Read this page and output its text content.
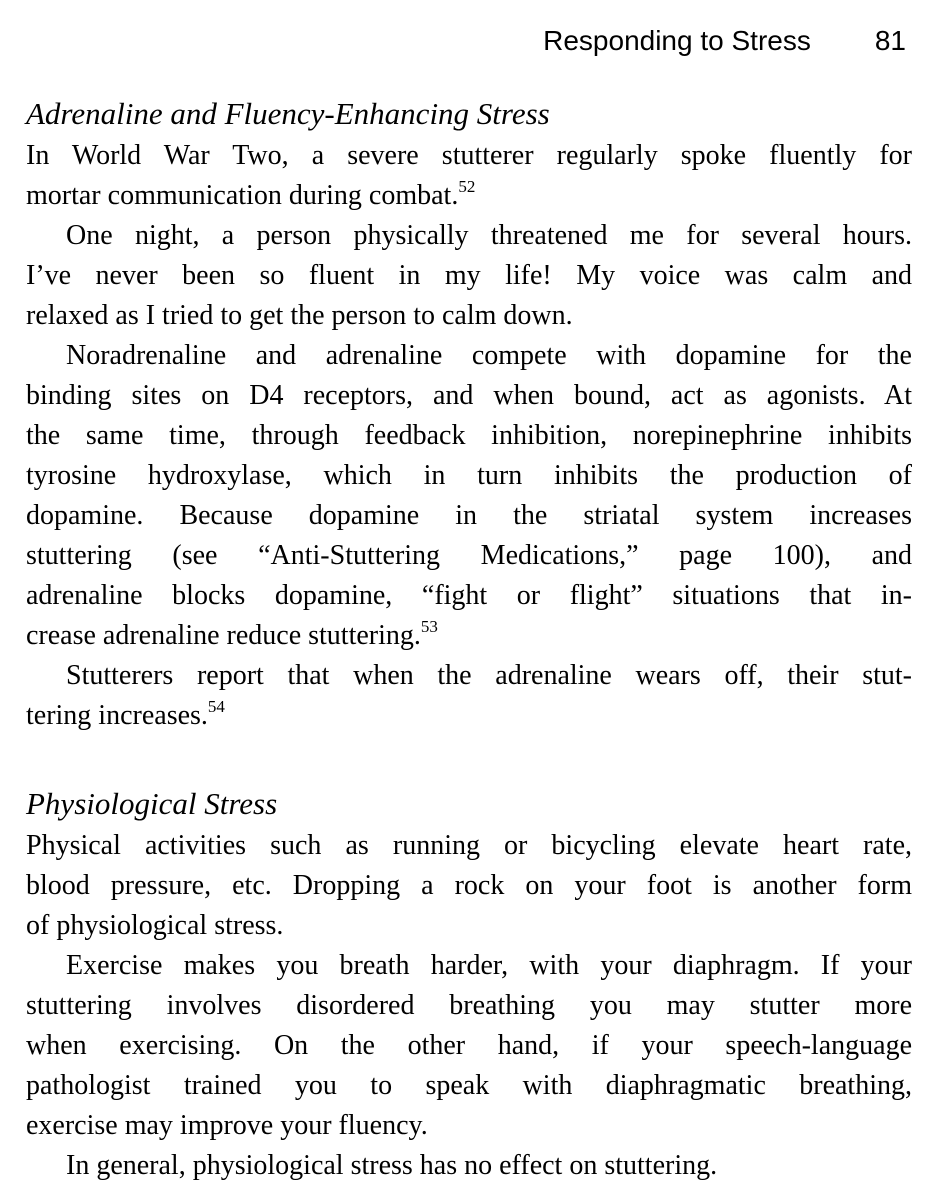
Responding to Stress 81
Adrenaline and Fluency-Enhancing Stress

In World War Two, a severe stutterer regularly spoke fluently for
mortar communication during combat.$^{52}$

One night, a person physically threatened me for several hours.
I’ve never been so fluent in my life! My voice was calm and
relaxed as I tried to get the person to calm down.

Noradrenaline and adrenaline compete with dopamine for the
binding sites on D4 receptors, and when bound, act as agonists. At
the same time, through feedback inhibition, norepinephrine inhibits
tyrosine hydroxylase, which in turn inhibits the production of
dopamine. Because dopamine in the striatal system increases
stuttering (see “Anti-Stuttering Medications,” page 100), and
adrenaline blocks dopamine, “fight or flight” situations that in-
crease adrenaline reduce stuttering.$^{53}$

Stutterers report that when the adrenaline wears off, their stut-
tering increases.$^{54}$

Physiological Stress

Physical activities such as running or bicycling elevate heart rate,
blood pressure, etc. Dropping a rock on your foot is another form
of physiological stress.

Exercise makes you breath harder, with your diaphragm. If your
stuttering involves disordered breathing you may stutter more
when exercising. On the other hand, if your speech-language
pathologist trained you to speak with diaphragmatic breathing,
exercise may improve your fluency.

In general, physiological stress has no effect on stuttering.
